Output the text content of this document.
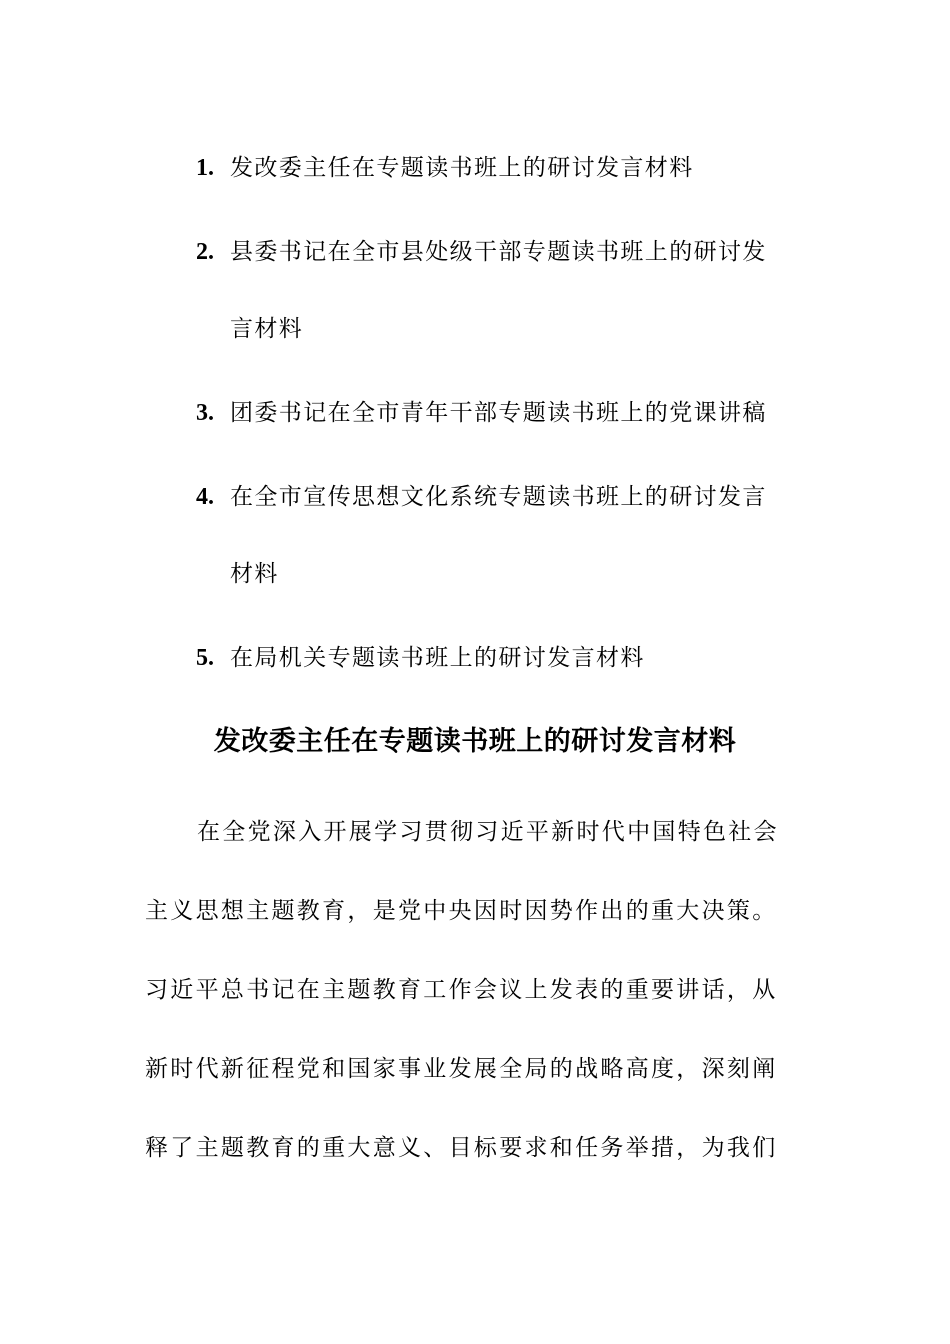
1. 发改委主任在专题读书班上的研讨发言材料
2. 县委书记在全市县处级干部专题读书班上的研讨发
言材料
3. 团委书记在全市青年干部专题读书班上的党课讲稿
4. 在全市宣传思想文化系统专题读书班上的研讨发言
材料
5. 在局机关专题读书班上的研讨发言材料
发改委主任在专题读书班上的研讨发言材料
在全党深入开展学习贯彻习近平新时代中国特色社会
主义思想主题教育，是党中央因时因势作出的重大决策。
习近平总书记在主题教育工作会议上发表的重要讲话，从
新时代新征程党和国家事业发展全局的战略高度，深刻阐
释了主题教育的重大意义、目标要求和任务举措，为我们
